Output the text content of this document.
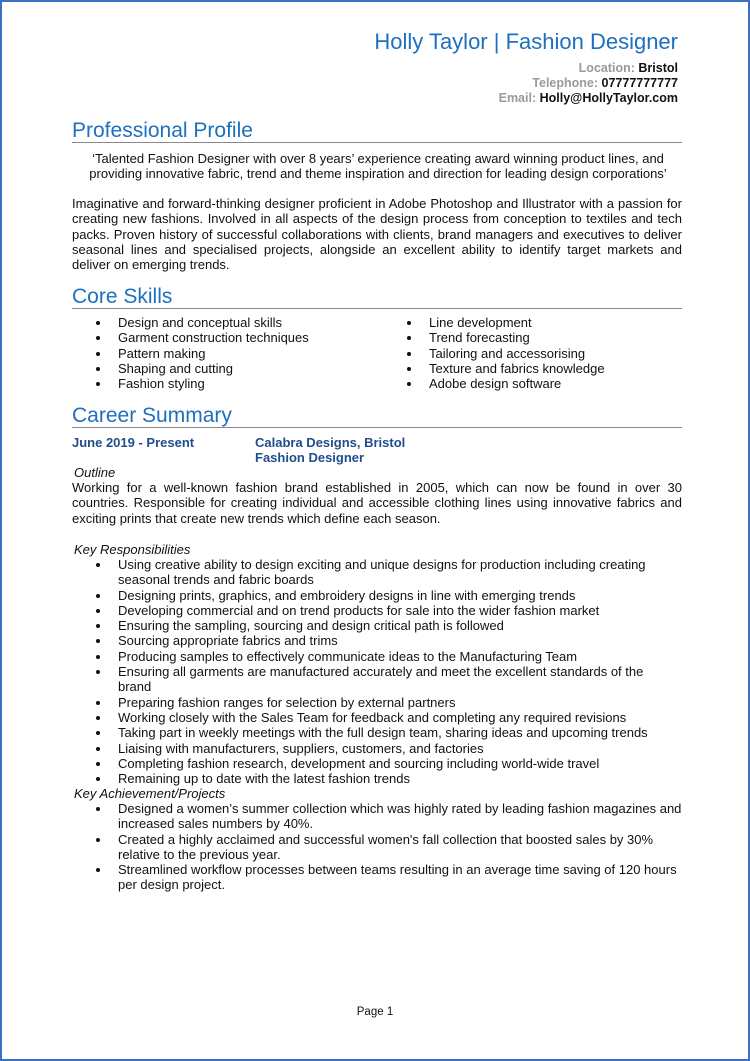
Holly Taylor | Fashion Designer
Location: Bristol
Telephone: 07777777777
Email: Holly@HollyTaylor.com
Professional Profile
‘Talented Fashion Designer with over 8 years’ experience creating award winning product lines, and providing innovative fabric, trend and theme inspiration and direction for leading design corporations’
Imaginative and forward-thinking designer proficient in Adobe Photoshop and Illustrator with a passion for creating new fashions. Involved in all aspects of the design process from conception to textiles and tech packs. Proven history of successful collaborations with clients, brand managers and executives to deliver seasonal lines and specialised projects, alongside an excellent ability to identify target markets and deliver on emerging trends.
Core Skills
Design and conceptual skills
Garment construction techniques
Pattern making
Shaping and cutting
Fashion styling
Line development
Trend forecasting
Tailoring and accessorising
Texture and fabrics knowledge
Adobe design software
Career Summary
June 2019 - Present	Calabra Designs, Bristol
Fashion Designer
Outline
Working for a well-known fashion brand established in 2005, which can now be found in over 30 countries. Responsible for creating individual and accessible clothing lines using innovative fabrics and exciting prints that create new trends which define each season.
Key Responsibilities
Using creative ability to design exciting and unique designs for production including creating seasonal trends and fabric boards
Designing prints, graphics, and embroidery designs in line with emerging trends
Developing commercial and on trend products for sale into the wider fashion market
Ensuring the sampling, sourcing and design critical path is followed
Sourcing appropriate fabrics and trims
Producing samples to effectively communicate ideas to the Manufacturing Team
Ensuring all garments are manufactured accurately and meet the excellent standards of the brand
Preparing fashion ranges for selection by external partners
Working closely with the Sales Team for feedback and completing any required revisions
Taking part in weekly meetings with the full design team, sharing ideas and upcoming trends
Liaising with manufacturers, suppliers, customers, and factories
Completing fashion research, development and sourcing including world-wide travel
Remaining up to date with the latest fashion trends
Key Achievement/Projects
Designed a women’s summer collection which was highly rated by leading fashion magazines and increased sales numbers by 40%.
Created a highly acclaimed and successful women's fall collection that boosted sales by 30% relative to the previous year.
Streamlined workflow processes between teams resulting in an average time saving of 120 hours per design project.
Page 1
